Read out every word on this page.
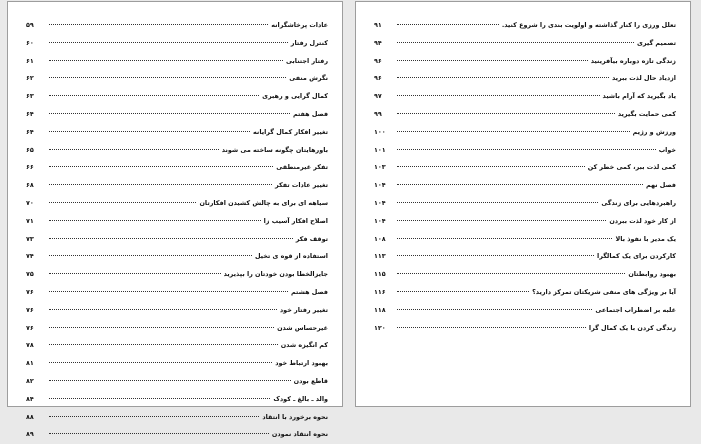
عادات پرخاشگرانه
۵۹
کنترل رفتار
۶۰
رفتار اجتنابی
۶۱
نگرش منفی
۶۲
کمال گرایی و رهبری
۶۳
فصل هفتم
۶۴
تغییر افکار کمال گرایانه
۶۴
باورهایتان چگونه ساخته می شوند
۶۵
تفکر غیرمنطقی
۶۶
تغییر عادات تفکر
۶۸
سیاهه ای برای به چالش کشیدن افکارتان
۷۰
اصلاح افکار آسیب زا
۷۱
توقف فکر
۷۳
استفاده از قوه ی تخیل
۷۴
جایزالخطا بودن خودتان را بپذیرید
۷۵
فصل هشتم
۷۶
تغییر رفتار خود
۷۶
غیرحساس شدن
۷۶
کم انگیزه شدن
۷۸
بهبود ارتباط خود
۸۱
قاطع بودن
۸۲
والد ـ بالغ ـ کودک
۸۴
نحوه برخورد با انتقاد
۸۸
نحوه انتقاد نمودن
۸۹
تعلل ورزی را کنار گذاشته و اولویت بندی را شروع کنید.
۹۱
تصمیم گیری
۹۴
زندگی تازه دوباره بیآفرینید
۹۶
ازدیاد حال لذت ببرید
۹۶
یاد بگیرید که آرام باشید
۹۷
کمی حمایت بگیرید
۹۹
ورزش و رژیم
۱۰۰
خواب
۱۰۱
کمی لذت ببر، کمی خطر کن
۱۰۳
فصل نهم
۱۰۴
راهبردهایی برای زندگی
۱۰۴
از کار خود لذت ببردن
۱۰۴
یک مدیر با نفوذ بالا
۱۰۸
کارکردن برای یک کمالگرا
۱۱۳
بهبود روابطتان
۱۱۵
آیا بر ویژگی های منفی شریکتان تمرکز دارید؟
۱۱۶
غلبه بر اضطراب اجتماعی
۱۱۸
زندگی کردن با یک کمال گرا
۱۲۰
